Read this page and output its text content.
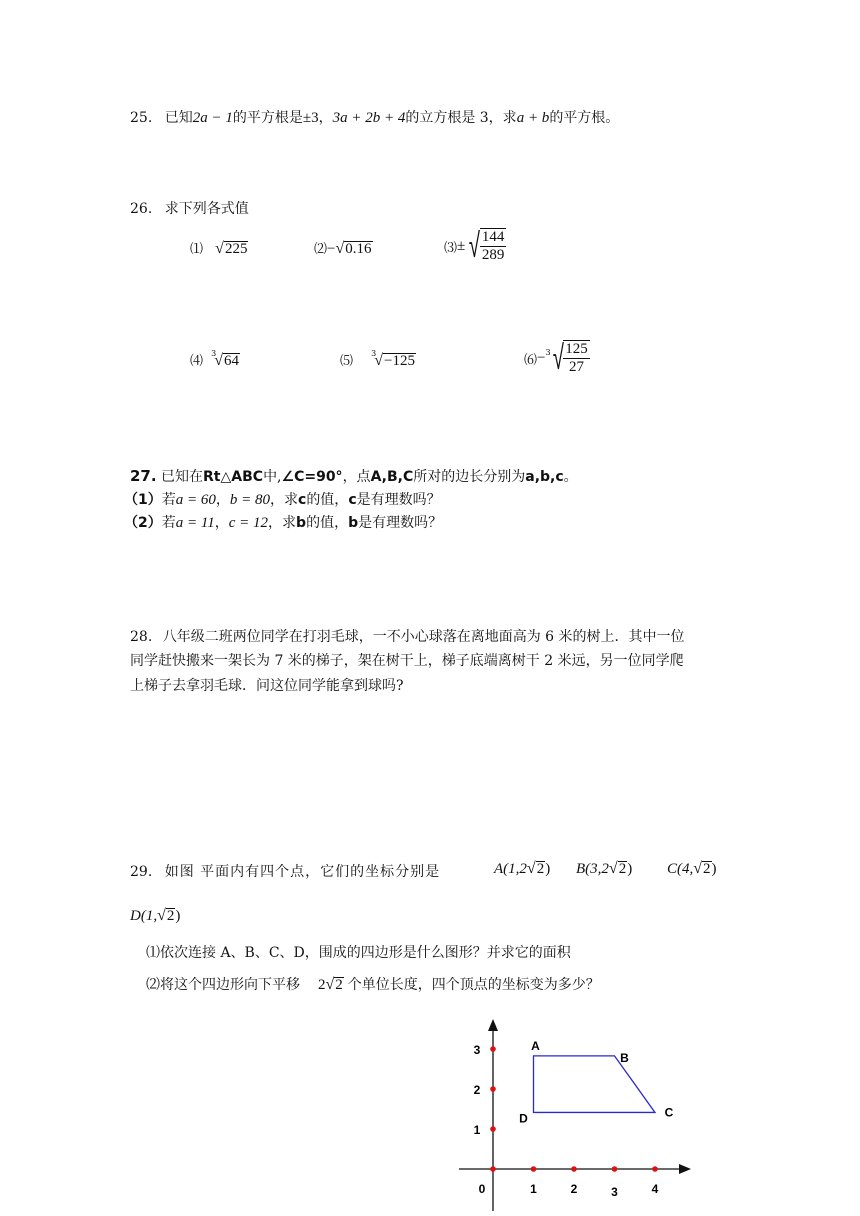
25. 已知2a − 1的平方根是±3，3a + 2b + 4的立方根是 3，求a + b的平方根。
26. 求下列各式值
⑴ √225	⑵−√0.16	⑶± √ $\frac{144}{289}$
⑷ $^3$√64	⑸ $^3$√−125	⑹−$^3$ √ $\frac{125}{27}$
27. 已知在Rt△ABC中,∠C=90°，点A,B,C所对的边长分别为a,b,c。
（1）若a = 60，b = 80，求c的值，c是有理数吗？
（2）若a = 11，c = 12，求b的值，b是有理数吗？
28. 八年级二班两位同学在打羽毛球，一不小心球落在离地面高为 6 米的树上．其中一位
同学赶快搬来一架长为 7 米的梯子，架在树干上，梯子底端离树干 2 米远，另一位同学爬
上梯子去拿羽毛球．问这位同学能拿到球吗?
29. 如图 平面内有四个点，它们的坐标分别是	A(1,2√2) B(3,2√2) C(4,√2)
D(1,√2)
⑴依次连接 A、B、C、D，围成的四边形是什么图形？并求它的面积
⑵将这个四边形向下平移 2√2 个单位长度，四个顶点的坐标变为多少？
0	1	2	3	4
1
2
3	A
B
C
D
